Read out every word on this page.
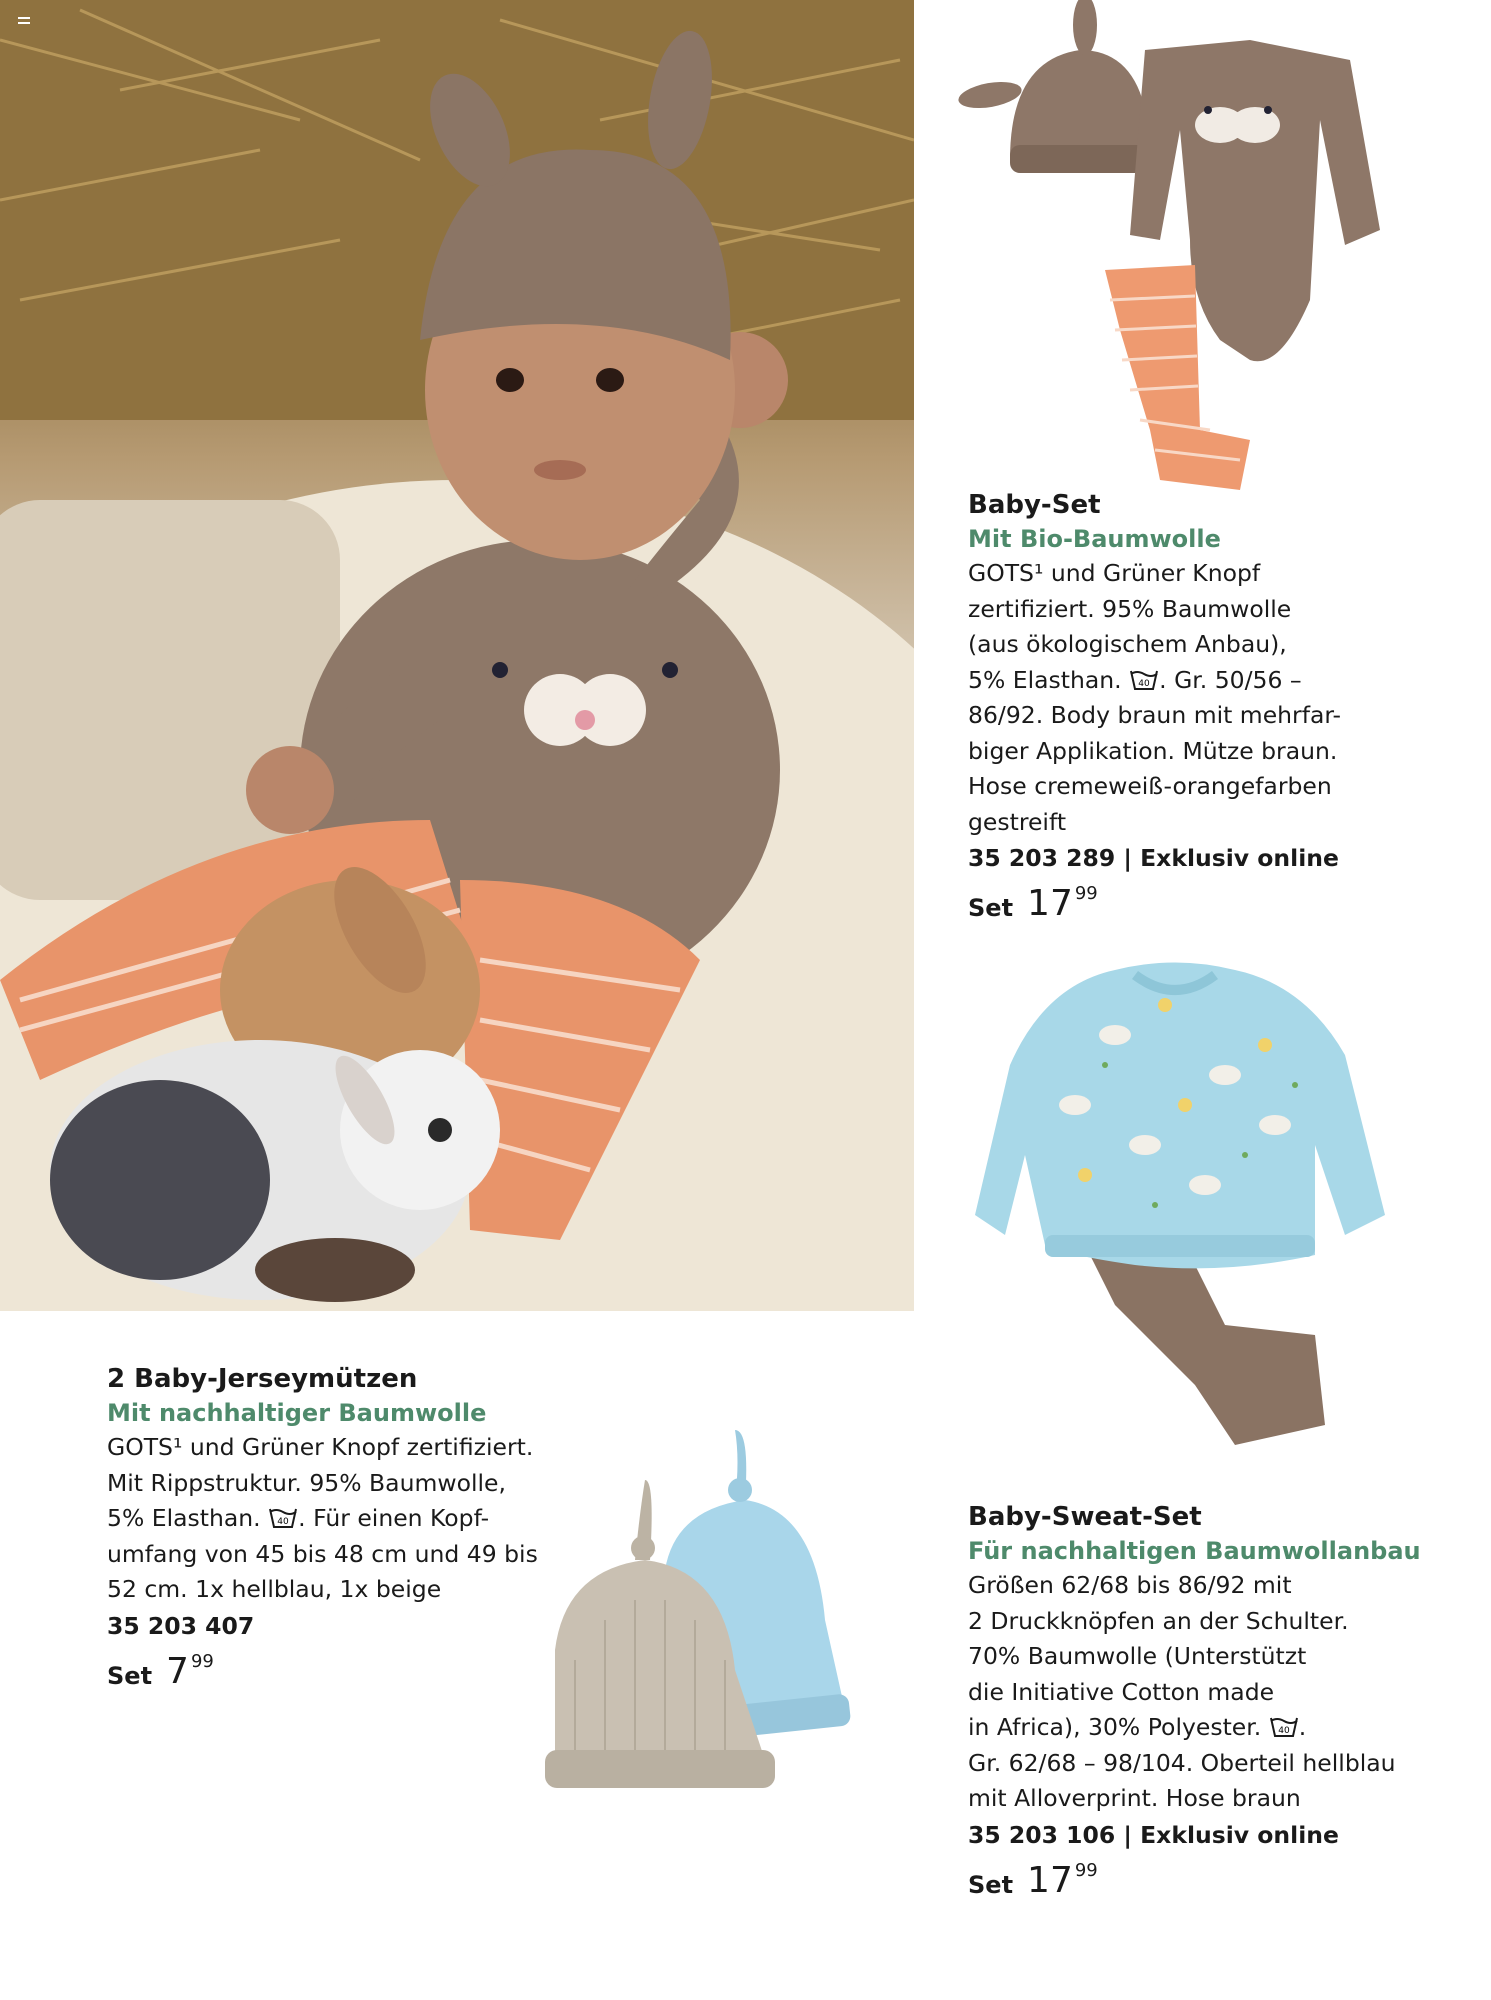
Baby-Set
Mit Bio-Baumwolle

GOTS¹ und Grüner Knopf

zertifiziert. 95% Baumwolle

(aus ökologischem Anbau),

5% Elasthan. 40 . Gr. 50/56 –

86/92. Body braun mit mehrfar-

biger Applikation. Mütze braun.

Hose cremeweiß-orangefarben

gestreift

35 203 289 | Exklusiv online
Set 17 99
2 Baby-Jerseymützen
Mit nachhaltiger Baumwolle

GOTS¹ und Grüner Knopf zertifiziert.

Mit Rippstruktur. 95% Baumwolle,

5% Elasthan. 40 . Für einen Kopf-

umfang von 45 bis 48 cm und 49 bis

52 cm. 1x hellblau, 1x beige

35 203 407
Set 7 99
Baby-Sweat-Set
Für nachhaltigen Baumwollanbau

Größen 62/68 bis 86/92 mit

2 Druckknöpfen an der Schulter.

70% Baumwolle (Unterstützt

die Initiative Cotton made

in Africa), 30% Polyester. 40 .

Gr. 62/68 – 98/104. Oberteil hellblau

mit Alloverprint. Hose braun

35 203 106 | Exklusiv online
Set 17 99
